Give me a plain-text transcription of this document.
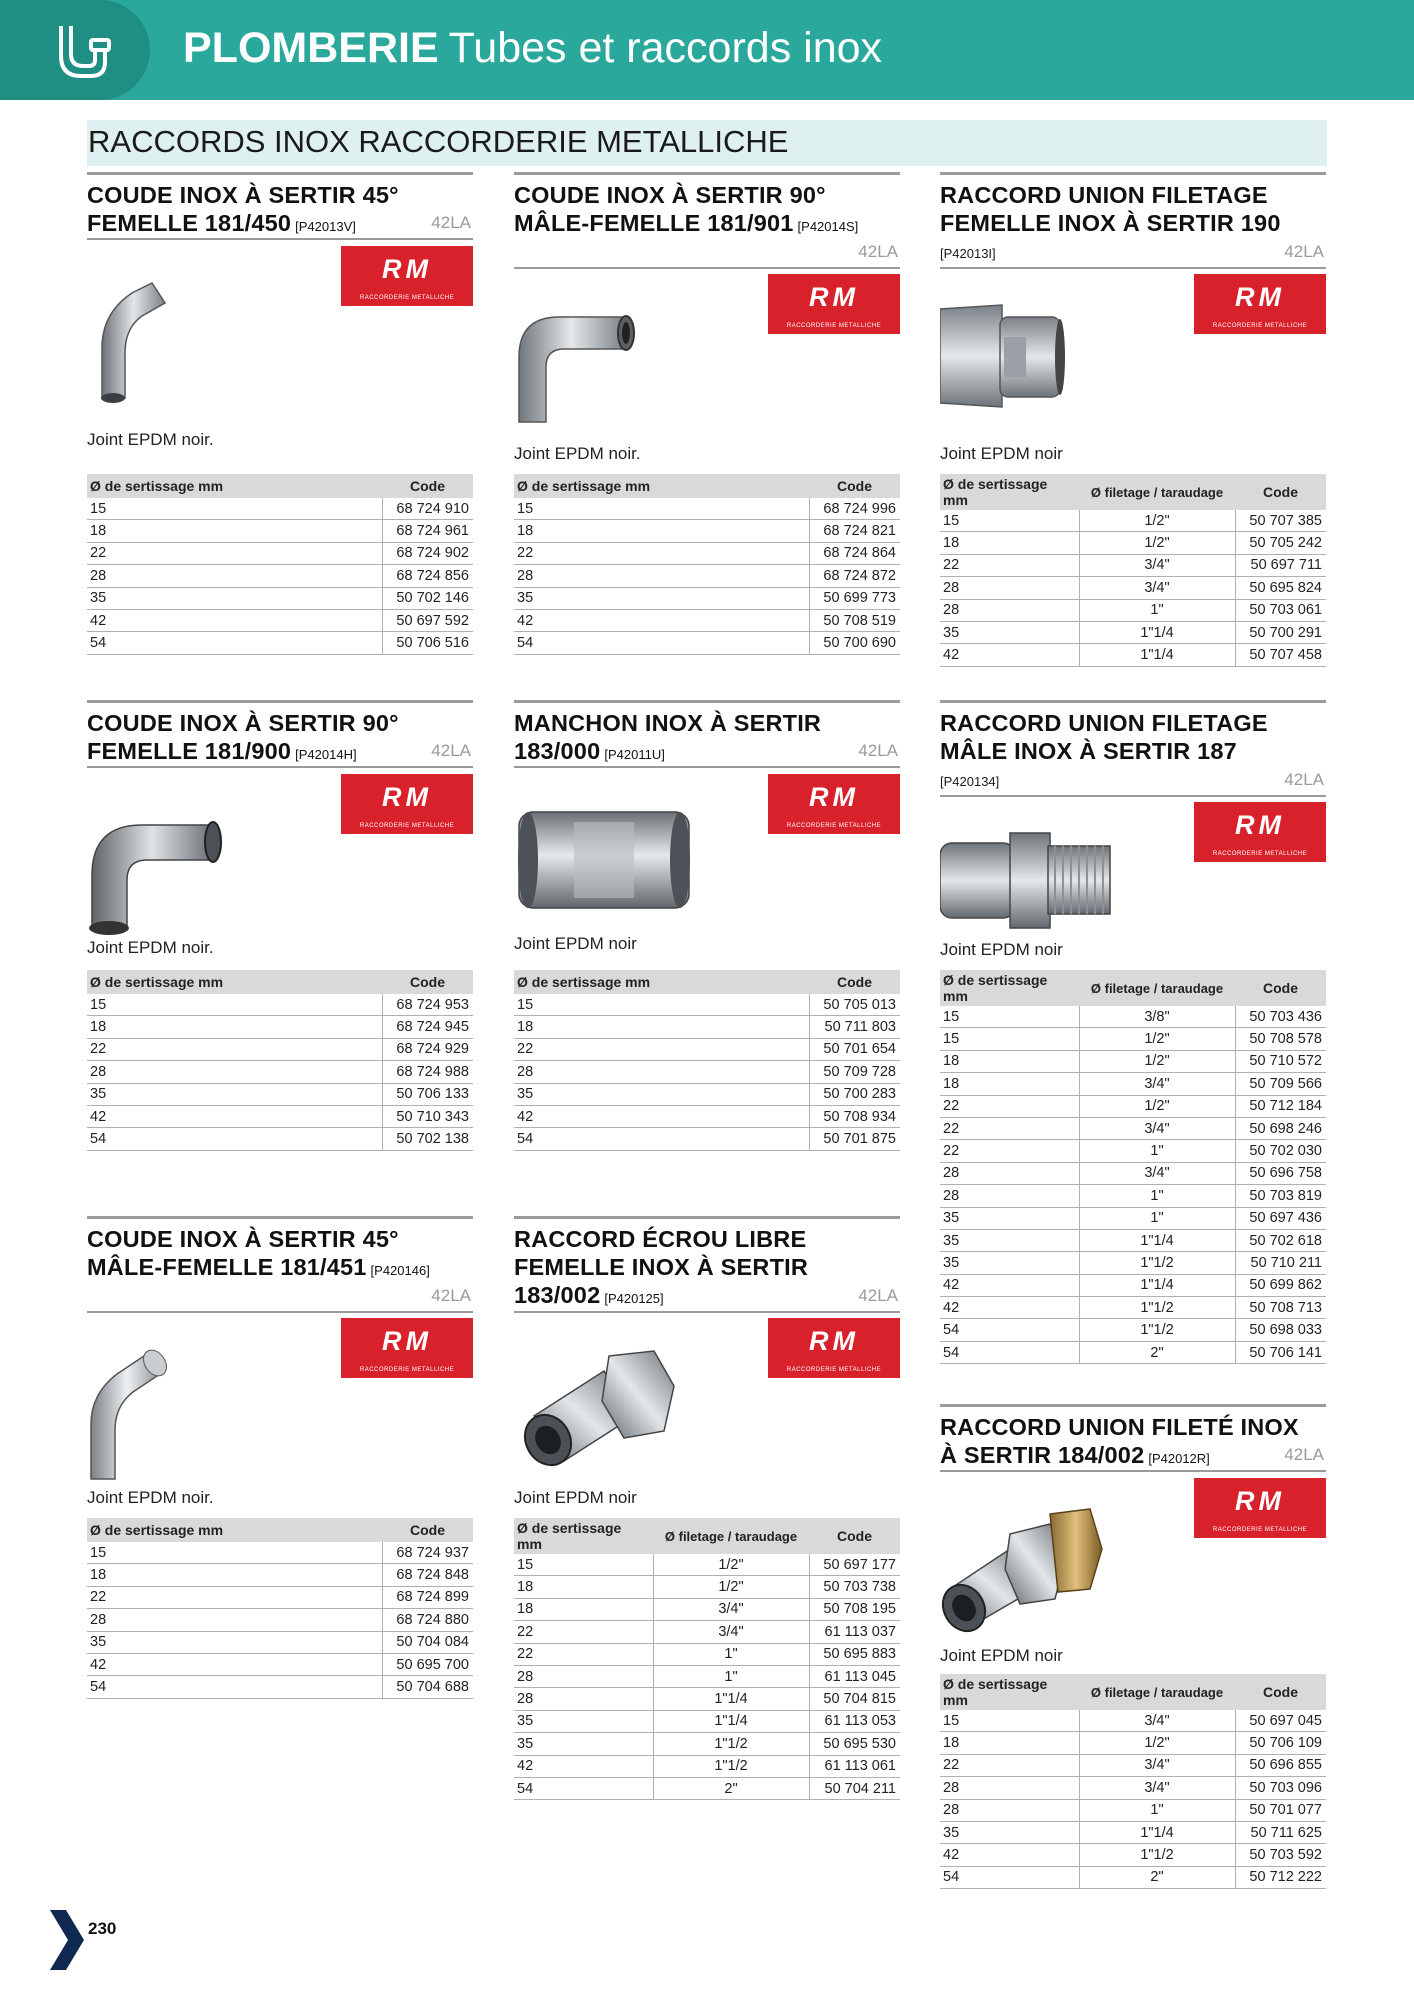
PLOMBERIE Tubes et raccords inox
RACCORDS INOX RACCORDERIE METALLICHE
COUDE INOX À SERTIR 45°
FEMELLE 181/450 [P42013V]	42LA
RM
RACCORDERIE METALLICHE
Joint EPDM noir.
Ø de sertissage mm	Code
15	68 724 910
18	68 724 961
22	68 724 902
28	68 724 856
35	50 702 146
42	50 697 592
54	50 706 516
COUDE INOX À SERTIR 90°
MÂLE-FEMELLE 181/901 [P42014S]
42LA
RM
RACCORDERIE METALLICHE
Joint EPDM noir.
Ø de sertissage mm	Code
15	68 724 996
18	68 724 821
22	68 724 864
28	68 724 872
35	50 699 773
42	50 708 519
54	50 700 690
RACCORD UNION FILETAGE
FEMELLE INOX À SERTIR 190
[P42013I]	42LA
RM
RACCORDERIE METALLICHE
Joint EPDM noir
Ø de sertissage mm	Ø filetage / taraudage	Code
15	1/2"	50 707 385
18	1/2"	50 705 242
22	3/4"	50 697 711
28	3/4"	50 695 824
28	1"	50 703 061
35	1"1/4	50 700 291
42	1"1/4	50 707 458
COUDE INOX À SERTIR 90°
FEMELLE 181/900 [P42014H]	42LA
RM
RACCORDERIE METALLICHE
Joint EPDM noir.
Ø de sertissage mm	Code
15	68 724 953
18	68 724 945
22	68 724 929
28	68 724 988
35	50 706 133
42	50 710 343
54	50 702 138
MANCHON INOX À SERTIR
183/000 [P42011U]	42LA
RM
RACCORDERIE METALLICHE
Joint EPDM noir
Ø de sertissage mm	Code
15	50 705 013
18	50 711 803
22	50 701 654
28	50 709 728
35	50 700 283
42	50 708 934
54	50 701 875
RACCORD UNION FILETAGE
MÂLE INOX À SERTIR 187
[P420134]	42LA
RM
RACCORDERIE METALLICHE
Joint EPDM noir
Ø de sertissage mm	Ø filetage / taraudage	Code
15	3/8"	50 703 436
15	1/2"	50 708 578
18	1/2"	50 710 572
18	3/4"	50 709 566
22	1/2"	50 712 184
22	3/4"	50 698 246
22	1"	50 702 030
28	3/4"	50 696 758
28	1"	50 703 819
35	1"	50 697 436
35	1"1/4	50 702 618
35	1"1/2	50 710 211
42	1"1/4	50 699 862
42	1"1/2	50 708 713
54	1"1/2	50 698 033
54	2"	50 706 141
COUDE INOX À SERTIR 45°
MÂLE-FEMELLE 181/451 [P420146]
42LA
RM
RACCORDERIE METALLICHE
Joint EPDM noir.
Ø de sertissage mm	Code
15	68 724 937
18	68 724 848
22	68 724 899
28	68 724 880
35	50 704 084
42	50 695 700
54	50 704 688
RACCORD ÉCROU LIBRE
FEMELLE INOX À SERTIR
183/002 [P420125]	42LA
RM
RACCORDERIE METALLICHE
Joint EPDM noir
Ø de sertissage mm	Ø filetage / taraudage	Code
15	1/2"	50 697 177
18	1/2"	50 703 738
18	3/4"	50 708 195
22	3/4"	61 113 037
22	1"	50 695 883
28	1"	61 113 045
28	1"1/4	50 704 815
35	1"1/4	61 113 053
35	1"1/2	50 695 530
42	1"1/2	61 113 061
54	2"	50 704 211
RACCORD UNION FILETÉ INOX
À SERTIR 184/002 [P42012R]	42LA
RM
RACCORDERIE METALLICHE
Joint EPDM noir
Ø de sertissage mm	Ø filetage / taraudage	Code
15	3/4"	50 697 045
18	1/2"	50 706 109
22	3/4"	50 696 855
28	3/4"	50 703 096
28	1"	50 701 077
35	1"1/4	50 711 625
42	1"1/2	50 703 592
54	2"	50 712 222
230
